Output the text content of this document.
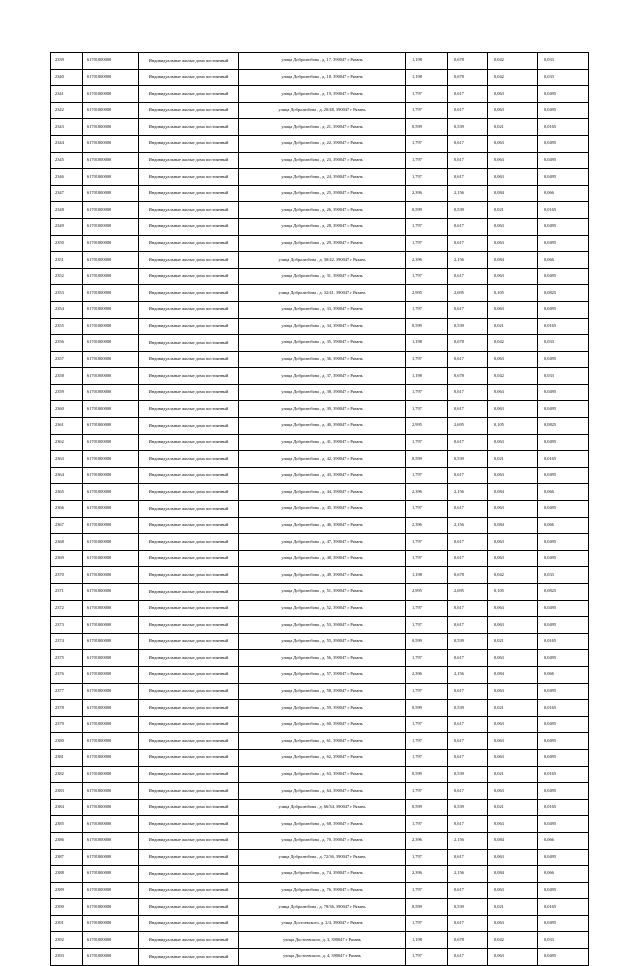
2339	61701000000	Индивидуальные жилые дома постоянный	улица Добролюбова , д. 17, 390047 г Рязань	1,198	0,678	0,042	0,033
2340	61701000000	Индивидуальные жилые дома постоянный	улица Добролюбова , д. 18, 390047 г Рязань	1,198	0,678	0,042	0,033
2341	61701000000	Индивидуальные жилые дома постоянный	улица Добролюбова , д. 19, 390047 г Рязань	1,797	0,617	0,063	0,0495
2342	61701000000	Индивидуальные жилые дома постоянный	улица Добролюбова , д. 20/48, 390047 г Рязань	1,797	0,617	0,063	0,0495
2343	61701000000	Индивидуальные жилые дома постоянный	улица Добролюбова , д. 21, 390047 г Рязань	0,599	0,539	0,021	0,0165
2344	61701000000	Индивидуальные жилые дома постоянный	улица Добролюбова , д. 22, 390047 г Рязань	1,797	0,617	0,063	0,0495
2345	61701000000	Индивидуальные жилые дома постоянный	улица Добролюбова , д. 23, 390047 г Рязань	1,797	0,617	0,063	0,0495
2346	61701000000	Индивидуальные жилые дома постоянный	улица Добролюбова , д. 24, 390047 г Рязань	1,797	0,617	0,063	0,0495
2347	61701000000	Индивидуальные жилые дома постоянный	улица Добролюбова , д. 25, 390047 г Рязань	2,396	2,156	0,084	0,066
2348	61701000000	Индивидуальные жилые дома постоянный	улица Добролюбова , д. 26, 390047 г Рязань	0,599	0,539	0,021	0,0165
2349	61701000000	Индивидуальные жилые дома постоянный	улица Добролюбова , д. 28, 390047 г Рязань	1,797	0,617	0,063	0,0495
2350	61701000000	Индивидуальные жилые дома постоянный	улица Добролюбова , д. 29, 390047 г Рязань	1,797	0,617	0,063	0,0495
2351	61701000000	Индивидуальные жилые дома постоянный	улица Добролюбова , д. 30/42, 390047 г Рязань	2,396	2,156	0,084	0,066
2352	61701000000	Индивидуальные жилые дома постоянный	улица Добролюбова , д. 31, 390047 г Рязань	1,797	0,617	0,063	0,0495
2353	61701000000	Индивидуальные жилые дома постоянный	улица Добролюбова , д. 32/41, 390047 г Рязань	2,995	2,695	0,105	0,0825
2354	61701000000	Индивидуальные жилые дома постоянный	улица Добролюбова , д. 33, 390047 г Рязань	1,797	0,617	0,063	0,0495
2355	61701000000	Индивидуальные жилые дома постоянный	улица Добролюбова , д. 34, 390047 г Рязань	0,599	0,539	0,021	0,0165
2356	61701000000	Индивидуальные жилые дома постоянный	улица Добролюбова , д. 35, 390047 г Рязань	1,198	0,678	0,042	0,033
2357	61701000000	Индивидуальные жилые дома постоянный	улица Добролюбова , д. 36, 390047 г Рязань	1,797	0,617	0,063	0,0495
2358	61701000000	Индивидуальные жилые дома постоянный	улица Добролюбова , д. 37, 390047 г Рязань	1,198	0,678	0,042	0,033
2359	61701000000	Индивидуальные жилые дома постоянный	улица Добролюбова , д. 38, 390047 г Рязань	1,797	0,617	0,063	0,0495
2360	61701000000	Индивидуальные жилые дома постоянный	улица Добролюбова , д. 39, 390047 г Рязань	1,797	0,617	0,063	0,0495
2361	61701000000	Индивидуальные жилые дома постоянный	улица Добролюбова , д. 40, 390047 г Рязань	2,995	2,695	0,105	0,0825
2362	61701000000	Индивидуальные жилые дома постоянный	улица Добролюбова , д. 41, 390047 г Рязань	1,797	0,617	0,063	0,0495
2363	61701000000	Индивидуальные жилые дома постоянный	улица Добролюбова , д. 42, 390047 г Рязань	0,599	0,539	0,021	0,0165
2364	61701000000	Индивидуальные жилые дома постоянный	улица Добролюбова , д. 43, 390047 г Рязань	1,797	0,617	0,063	0,0495
2365	61701000000	Индивидуальные жилые дома постоянный	улица Добролюбова , д. 44, 390047 г Рязань	2,396	2,156	0,084	0,066
2366	61701000000	Индивидуальные жилые дома постоянный	улица Добролюбова , д. 45, 390047 г Рязань	1,797	0,617	0,063	0,0495
2367	61701000000	Индивидуальные жилые дома постоянный	улица Добролюбова , д. 46, 390047 г Рязань	2,396	2,156	0,084	0,066
2368	61701000000	Индивидуальные жилые дома постоянный	улица Добролюбова , д. 47, 390047 г Рязань	1,797	0,617	0,063	0,0495
2369	61701000000	Индивидуальные жилые дома постоянный	улица Добролюбова , д. 48, 390047 г Рязань	1,797	0,617	0,063	0,0495
2370	61701000000	Индивидуальные жилые дома постоянный	улица Добролюбова , д. 49, 390047 г Рязань	1,198	0,678	0,042	0,033
2371	61701000000	Индивидуальные жилые дома постоянный	улица Добролюбова , д. 51, 390047 г Рязань	2,995	2,695	0,105	0,0825
2372	61701000000	Индивидуальные жилые дома постоянный	улица Добролюбова , д. 52, 390047 г Рязань	1,797	0,617	0,063	0,0495
2373	61701000000	Индивидуальные жилые дома постоянный	улица Добролюбова , д. 53, 390047 г Рязань	1,797	0,617	0,063	0,0495
2374	61701000000	Индивидуальные жилые дома постоянный	улица Добролюбова , д. 55, 390047 г Рязань	0,599	0,539	0,021	0,0165
2375	61701000000	Индивидуальные жилые дома постоянный	улица Добролюбова , д. 56, 390047 г Рязань	1,797	0,617	0,063	0,0495
2376	61701000000	Индивидуальные жилые дома постоянный	улица Добролюбова , д. 57, 390047 г Рязань	2,396	2,156	0,084	0,066
2377	61701000000	Индивидуальные жилые дома постоянный	улица Добролюбова , д. 58, 390047 г Рязань	1,797	0,617	0,063	0,0495
2378	61701000000	Индивидуальные жилые дома постоянный	улица Добролюбова , д. 59, 390047 г Рязань	0,599	0,539	0,021	0,0165
2379	61701000000	Индивидуальные жилые дома постоянный	улица Добролюбова , д. 60, 390047 г Рязань	1,797	0,617	0,063	0,0495
2380	61701000000	Индивидуальные жилые дома постоянный	улица Добролюбова , д. 61, 390047 г Рязань	1,797	0,617	0,063	0,0495
2381	61701000000	Индивидуальные жилые дома постоянный	улица Добролюбова , д. 62, 390047 г Рязань	1,797	0,617	0,063	0,0495
2382	61701000000	Индивидуальные жилые дома постоянный	улица Добролюбова , д. 63, 390047 г Рязань	0,599	0,539	0,021	0,0165
2383	61701000000	Индивидуальные жилые дома постоянный	улица Добролюбова , д. 64, 390047 г Рязань	1,797	0,617	0,063	0,0495
2384	61701000000	Индивидуальные жилые дома постоянный	улица Добролюбова , д. 66/34, 390047 г Рязань	0,599	0,539	0,021	0,0165
2385	61701000000	Индивидуальные жилые дома постоянный	улица Добролюбова , д. 68, 390047 г Рязань	1,797	0,617	0,063	0,0495
2386	61701000000	Индивидуальные жилые дома постоянный	улица Добролюбова , д. 70, 390047 г Рязань	2,396	2,156	0,084	0,066
2387	61701000000	Индивидуальные жилые дома постоянный	улица Добролюбова , д. 72/36, 390047 г Рязань	1,797	0,617	0,063	0,0495
2388	61701000000	Индивидуальные жилые дома постоянный	улица Добролюбова , д. 74, 390047 г Рязань	2,396	2,156	0,084	0,066
2389	61701000000	Индивидуальные жилые дома постоянный	улица Добролюбова , д. 76, 390047 г Рязань	1,797	0,617	0,063	0,0495
2390	61701000000	Индивидуальные жилые дома постоянный	улица Добролюбова , д. 78/36, 390047 г Рязань	0,599	0,539	0,021	0,0165
2391	61701000000	Индивидуальные жилые дома постоянный	улица Достоевского, д. 2/4, 390047 г Рязань	1,797	0,617	0,063	0,0495
2392	61701000000	Индивидуальные жилые дома постоянный	улица Достоевского, д. 3, 390047 г Рязань	1,198	0,678	0,042	0,033
2393	61701000000	Индивидуальные жилые дома постоянный	улица Достоевского, д. 4, 390047 г Рязань	1,797	0,617	0,063	0,0495
